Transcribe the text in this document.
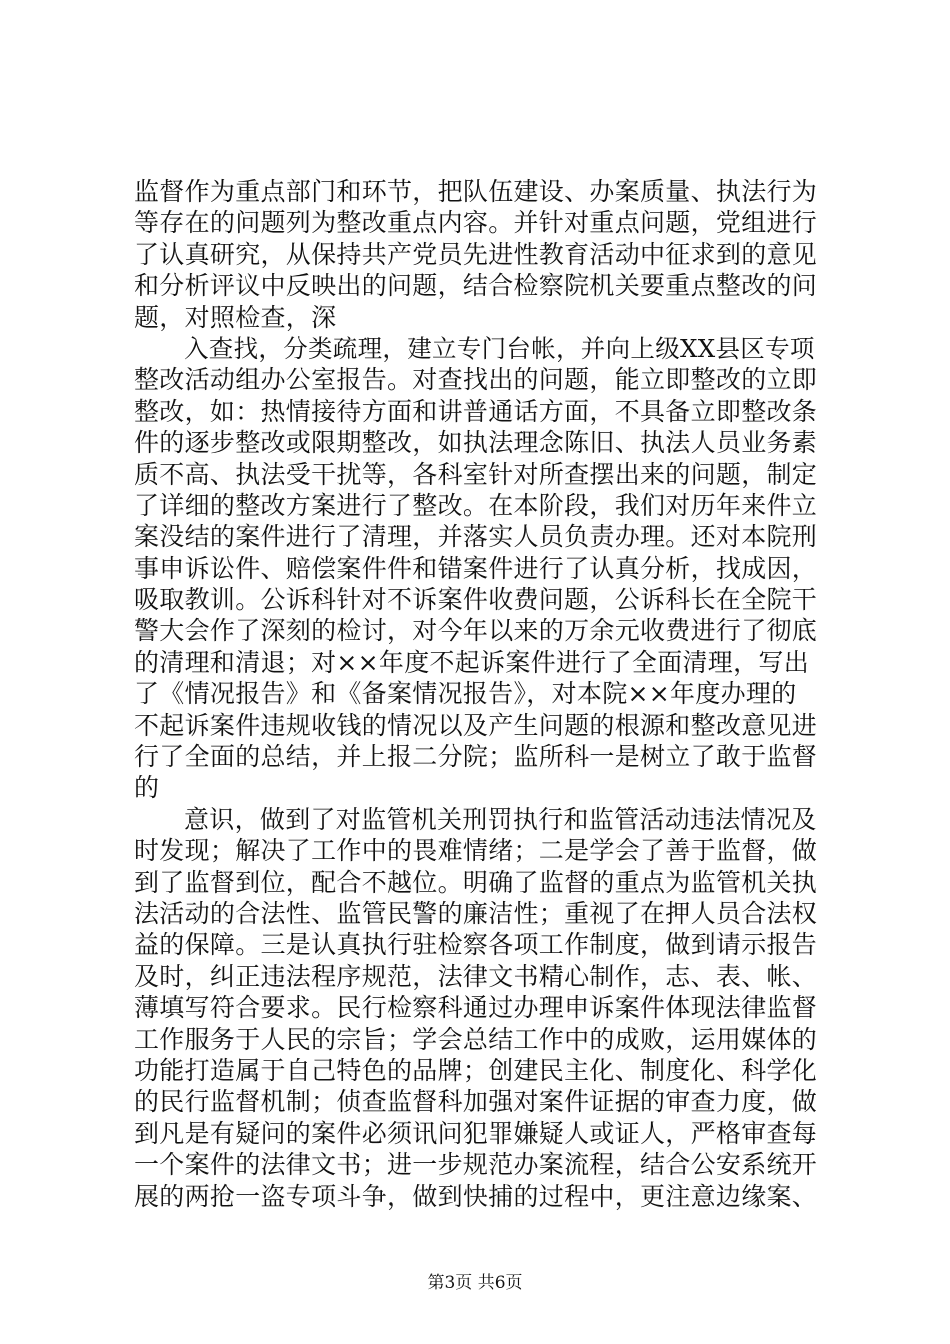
监督作为重点部门和环节，把队伍建设、办案质量、执法行为
等存在的问题列为整改重点内容。并针对重点问题，党组进行
了认真研究，从保持共产党员先进性教育活动中征求到的意见
和分析评议中反映出的问题，结合检察院机关要重点整改的问
题，对照检查，深
入查找，分类疏理，建立专门台帐，并向上级XX县区专项
整改活动组办公室报告。对查找出的问题，能立即整改的立即
整改，如：热情接待方面和讲普通话方面，不具备立即整改条
件的逐步整改或限期整改，如执法理念陈旧、执法人员业务素
质不高、执法受干扰等，各科室针对所查摆出来的问题，制定
了详细的整改方案进行了整改。在本阶段，我们对历年来件立
案没结的案件进行了清理，并落实人员负责办理。还对本院刑
事申诉讼件、赔偿案件件和错案件进行了认真分析，找成因，
吸取教训。公诉科针对不诉案件收费问题，公诉科长在全院干
警大会作了深刻的检讨，对今年以来的万余元收费进行了彻底
的清理和清退；对××年度不起诉案件进行了全面清理，写出
了《情况报告》和《备案情况报告》，对本院××年度办理的
不起诉案件违规收钱的情况以及产生问题的根源和整改意见进
行了全面的总结，并上报二分院；监所科一是树立了敢于监督
的
意识，做到了对监管机关刑罚执行和监管活动违法情况及
时发现；解决了工作中的畏难情绪；二是学会了善于监督，做
到了监督到位，配合不越位。明确了监督的重点为监管机关执
法活动的合法性、监管民警的廉洁性；重视了在押人员合法权
益的保障。三是认真执行驻检察各项工作制度，做到请示报告
及时，纠正违法程序规范，法律文书精心制作，志、表、帐、
薄填写符合要求。民行检察科通过办理申诉案件体现法律监督
工作服务于人民的宗旨；学会总结工作中的成败，运用媒体的
功能打造属于自己特色的品牌；创建民主化、制度化、科学化
的民行监督机制；侦查监督科加强对案件证据的审查力度，做
到凡是有疑问的案件必须讯问犯罪嫌疑人或证人，严格审查每
一个案件的法律文书；进一步规范办案流程，结合公安系统开
展的两抢一盗专项斗争，做到快捕的过程中，更注意边缘案、
第3页 共6页
